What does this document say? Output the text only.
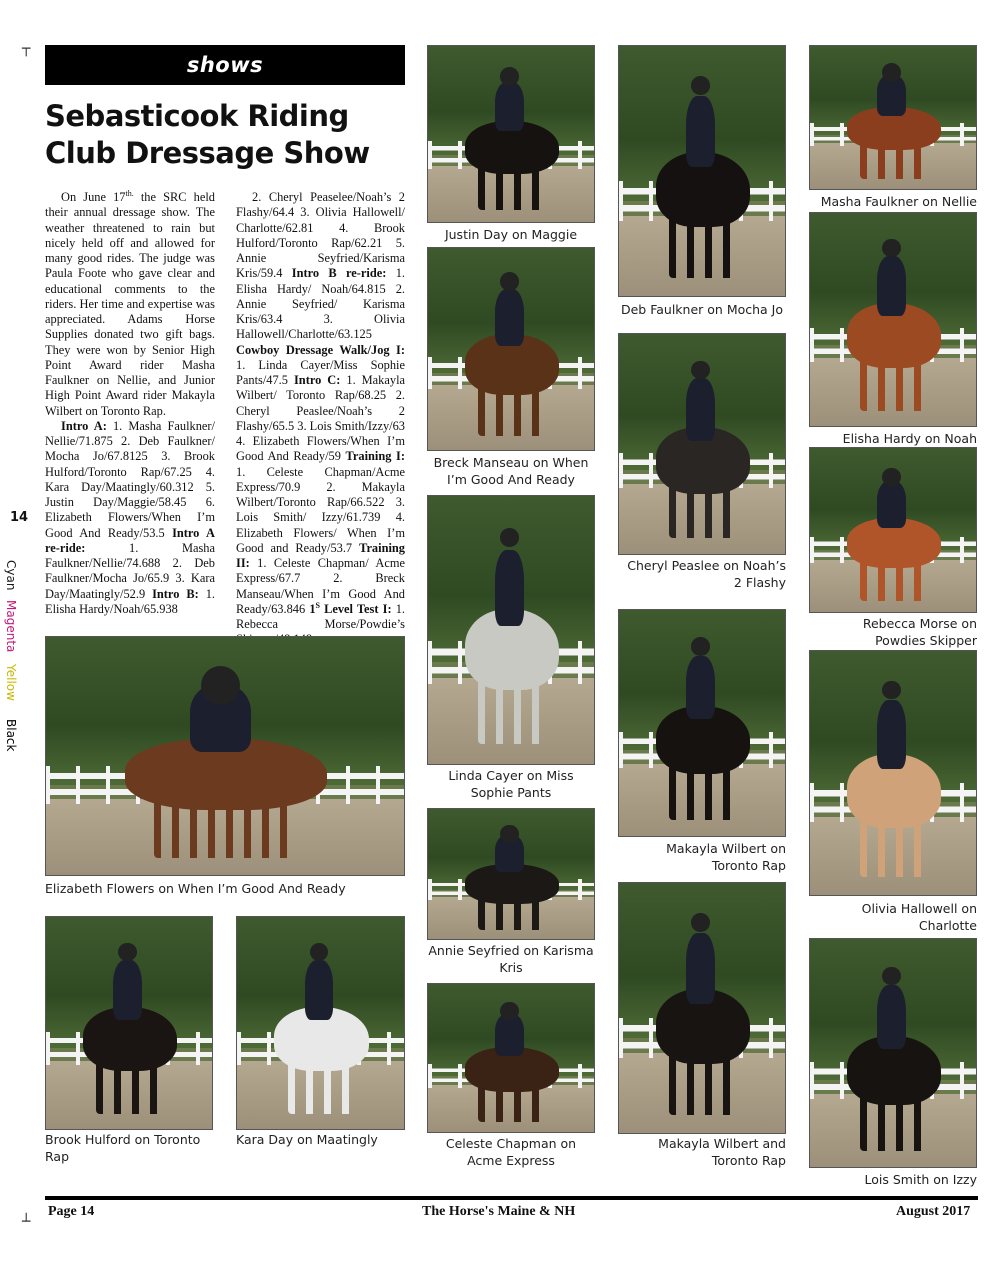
┬
┴
14
Cyan
Magenta
Yellow
Black
shows
Sebasticook Riding
Club Dressage Show

On June $17^{th.}$ the SRC held their annual dressage show. The weather threatened to rain but nicely held off and allowed for many good rides. The judge was Paula Foote who gave clear and educational comments to the riders. Her time and expertise was appreciated. Adams Horse Supplies donated two gift bags. They were won by Senior High Point Award rider Masha Faulkner on Nellie, and Junior High Point Award rider Makayla Wilbert on Toronto Rap.

Intro A: 1. Masha Faulkner/ Nellie/71.875 2. Deb Faulkner/ Mocha Jo/67.8125 3. Brook Hulford/Toronto Rap/67.25 4. Kara Day/Maatingly/60.312 5. Justin Day/Maggie/58.45 6. Elizabeth Flowers/When I’m Good And Ready/53.5 Intro A re-ride: 1. Masha Faulkner/Nellie/74.688 2. Deb Faulkner/Mocha Jo/65.9 3. Kara Day/Maatingly/52.9 Intro B: 1. Elisha Hardy/Noah/65.938

2. Cheryl Peaselee/Noah’s 2 Flashy/64.4 3. Olivia Hallowell/ Charlotte/62.81 4. Brook Hulford/Toronto Rap/62.21 5. Annie Seyfried/Karisma Kris/59.4 Intro B re-ride: 1. Elisha Hardy/ Noah/64.815 2. Annie Seyfried/ Karisma Kris/63.4 3. Olivia Hallowell/Charlotte/63.125 Cowboy Dressage Walk/Jog I: 1. Linda Cayer/Miss Sophie Pants/47.5 Intro C: 1. Makayla Wilbert/ Toronto Rap/68.25 2. Cheryl Peaslee/Noah’s 2 Flashy/65.5 3. Lois Smith/Izzy/63 4. Elizabeth Flowers/When I’m Good And Ready/59 Training I: 1. Celeste Chapman/Acme Express/70.9 2. Makayla Wilbert/Toronto Rap/66.522 3. Lois Smith/ Izzy/61.739 4. Elizabeth Flowers/ When I’m Good and Ready/53.7 Training II: 1. Celeste Chapman/ Acme Express/67.7 2. Breck Manseau/When I’m Good And Ready/63.846 $1^S$ Level Test I: 1. Rebecca Morse/Powdie’s

Elizabeth Flowers on When I’m Good And Ready
Brook Hulford on Toronto Rap
Kara Day on Maatingly
Justin Day on Maggie
Breck Manseau on When I’m Good And Ready
Linda Cayer on Miss Sophie Pants
Annie Seyfried on Karisma Kris
Celeste Chapman on Acme Express
Deb Faulkner on Mocha Jo
Cheryl Peaslee on Noah’s 2 Flashy
Makayla Wilbert on Toronto Rap
Makayla Wilbert and Toronto Rap
Masha Faulkner on Nellie
Elisha Hardy on Noah
Rebecca Morse on Powdies Skipper
Olivia Hallowell on Charlotte
Lois Smith on Izzy
Page 14	The Horse's Maine & NH	August 2017
